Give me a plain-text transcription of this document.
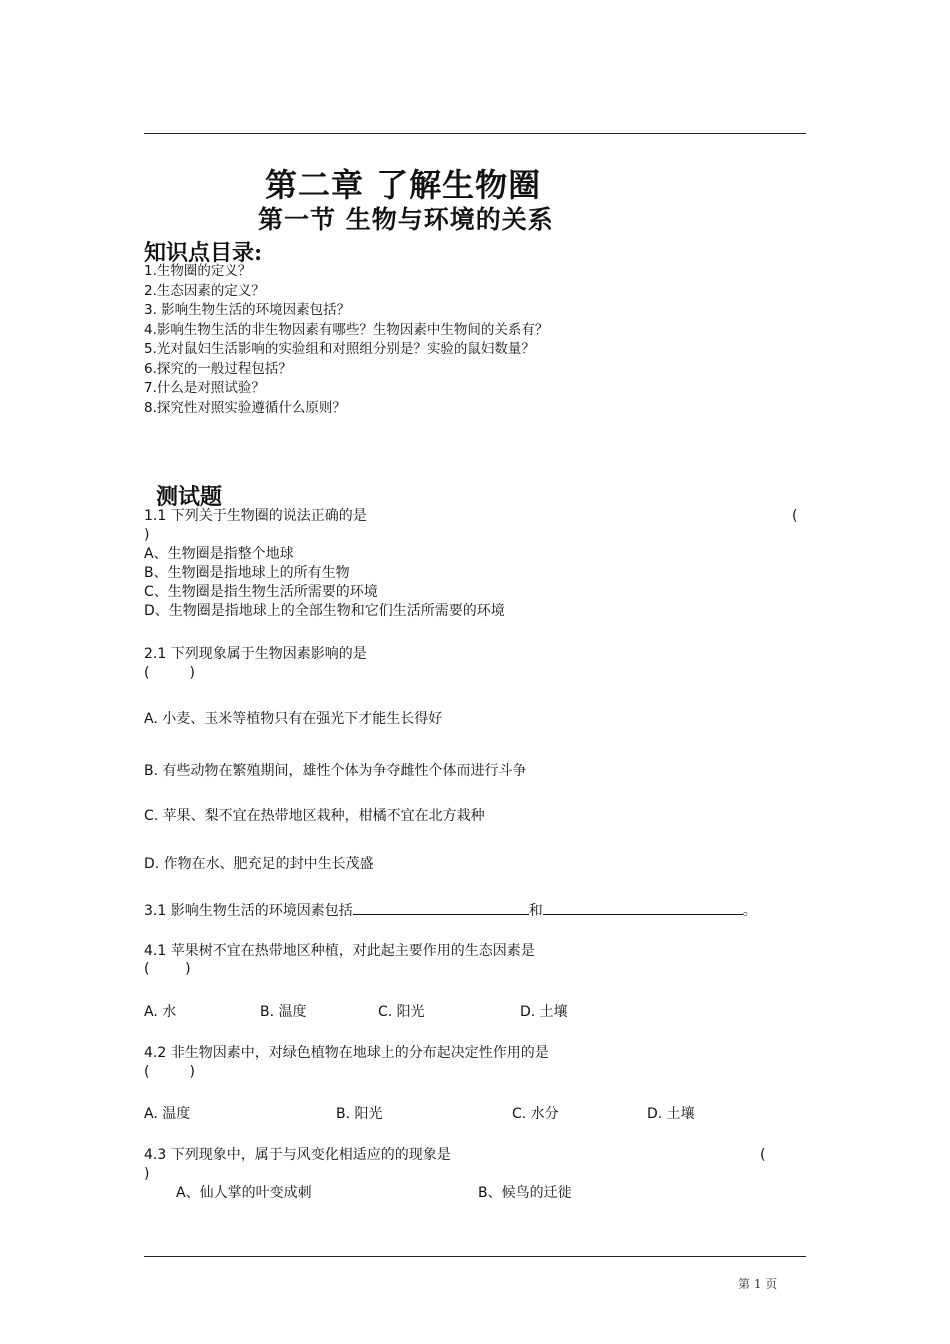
第二章 了解生物圈
第一节 生物与环境的关系
知识点目录:
1.生物圈的定义？
2.生态因素的定义？
3. 影响生物生活的环境因素包括？
4.影响生物生活的非生物因素有哪些？生物因素中生物间的关系有？
5.光对鼠妇生活影响的实验组和对照组分别是？实验的鼠妇数量？
6.探究的一般过程包括？
7.什么是对照试验？
8.探究性对照实验遵循什么原则？
测试题
1.1 下列关于生物圈的说法正确的是	(
)
A、生物圈是指整个地球
B、生物圈是指地球上的所有生物
C、生物圈是指生物生活所需要的环境
D、生物圈是指地球上的全部生物和它们生活所需要的环境
2.1 下列现象属于生物因素影响的是
(         )
A. 小麦、玉米等植物只有在强光下才能生长得好
B. 有些动物在繁殖期间，雄性个体为争夺雌性个体而进行斗争
C. 苹果、梨不宜在热带地区栽种，柑橘不宜在北方栽种
D. 作物在水、肥充足的封中生长茂盛
3.1 影响生物生活的环境因素包括	和	。
4.1 苹果树不宜在热带地区种植，对此起主要作用的生态因素是
(        )
A. 水	B. 温度	C. 阳光	D. 土壤
4.2 非生物因素中，对绿色植物在地球上的分布起决定性作用的是
(         )
A. 温度	B. 阳光	C. 水分	D. 土壤
4.3 下列现象中，属于与风变化相适应的的现象是	(
)
A、仙人掌的叶变成刺	B、候鸟的迁徙
第 1 页
